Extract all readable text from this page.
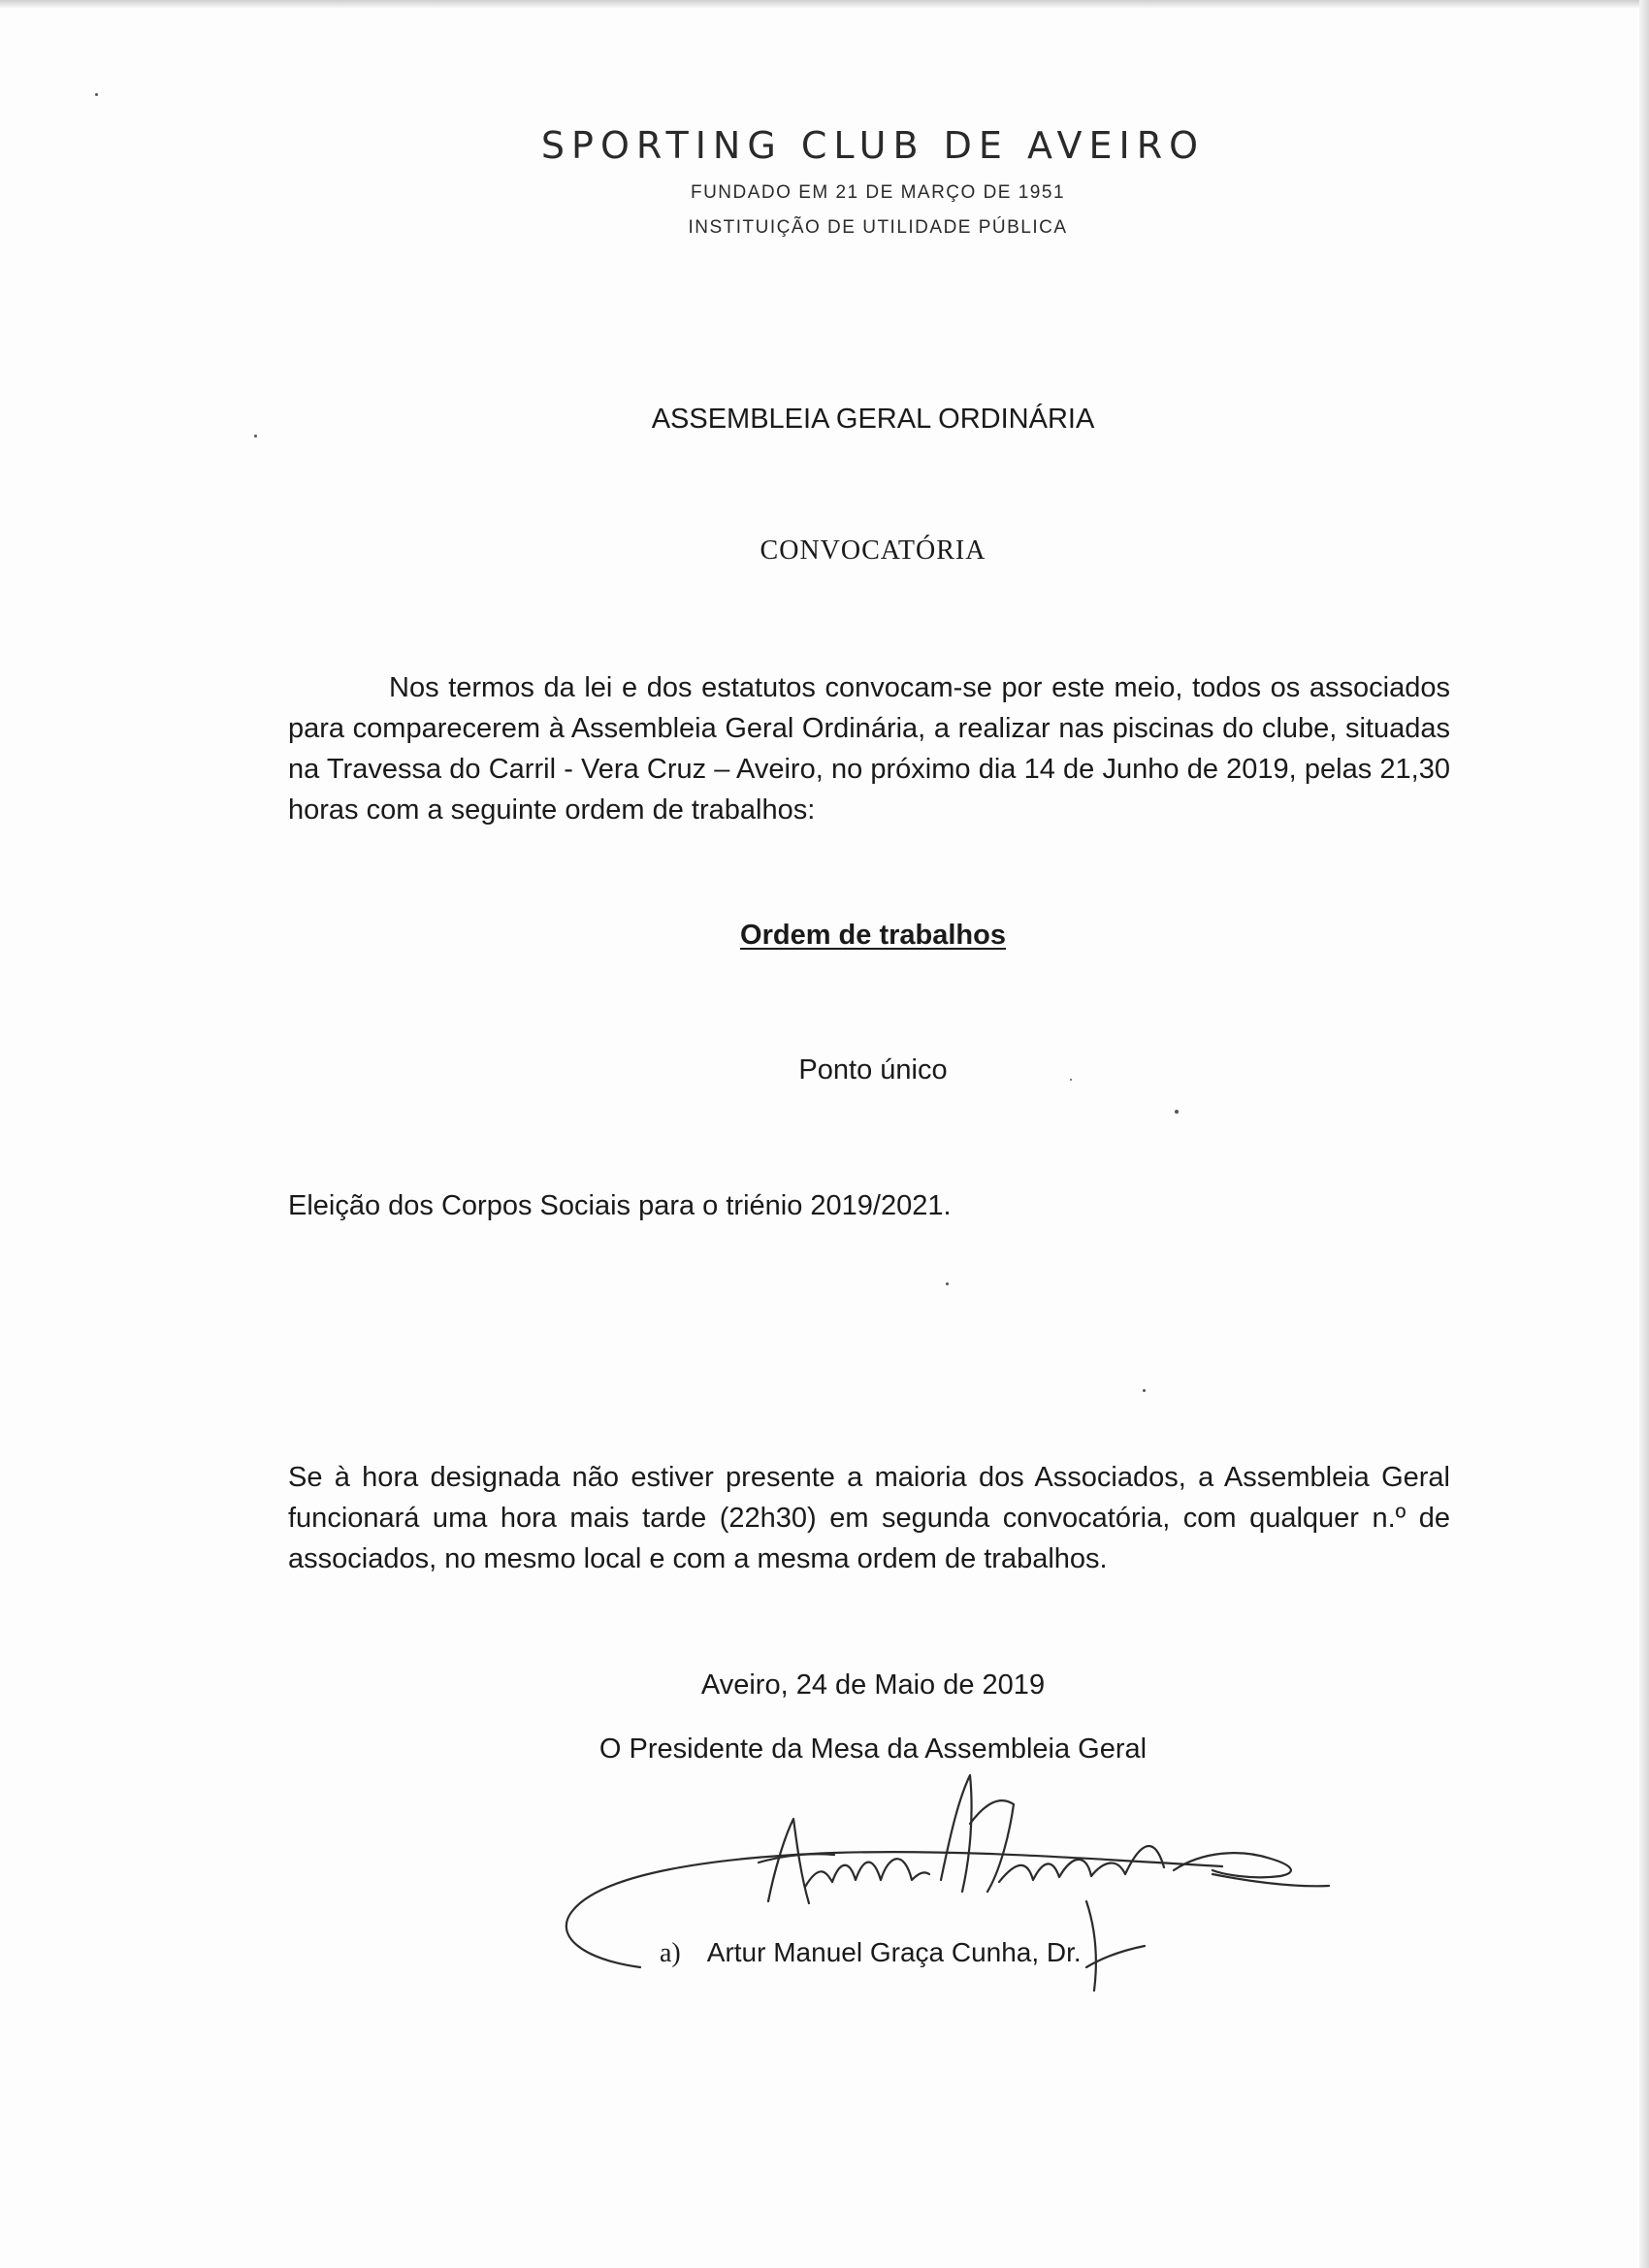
SPORTING CLUB DE AVEIRO
FUNDADO EM 21 DE MARÇO DE 1951
INSTITUIÇÃO DE UTILIDADE PÚBLICA
ASSEMBLEIA GERAL ORDINÁRIA
CONVOCATÓRIA
Nos termos da lei e dos estatutos convocam-se por este meio, todos os associados para comparecerem à Assembleia Geral Ordinária, a realizar nas piscinas do clube, situadas na Travessa do Carril - Vera Cruz – Aveiro, no próximo dia 14 de Junho de 2019, pelas 21,30 horas com a seguinte ordem de trabalhos:
Ordem de trabalhos
Ponto único
Eleição dos Corpos Sociais para o triénio 2019/2021.
Se à hora designada não estiver presente a maioria dos Associados, a Assembleia Geral funcionará uma hora mais tarde (22h30) em segunda convocatória, com qualquer n.º de associados, no mesmo local e com a mesma ordem de trabalhos.
Aveiro, 24 de Maio de 2019
O Presidente da Mesa da Assembleia Geral
a) Artur Manuel Graça Cunha, Dr.
